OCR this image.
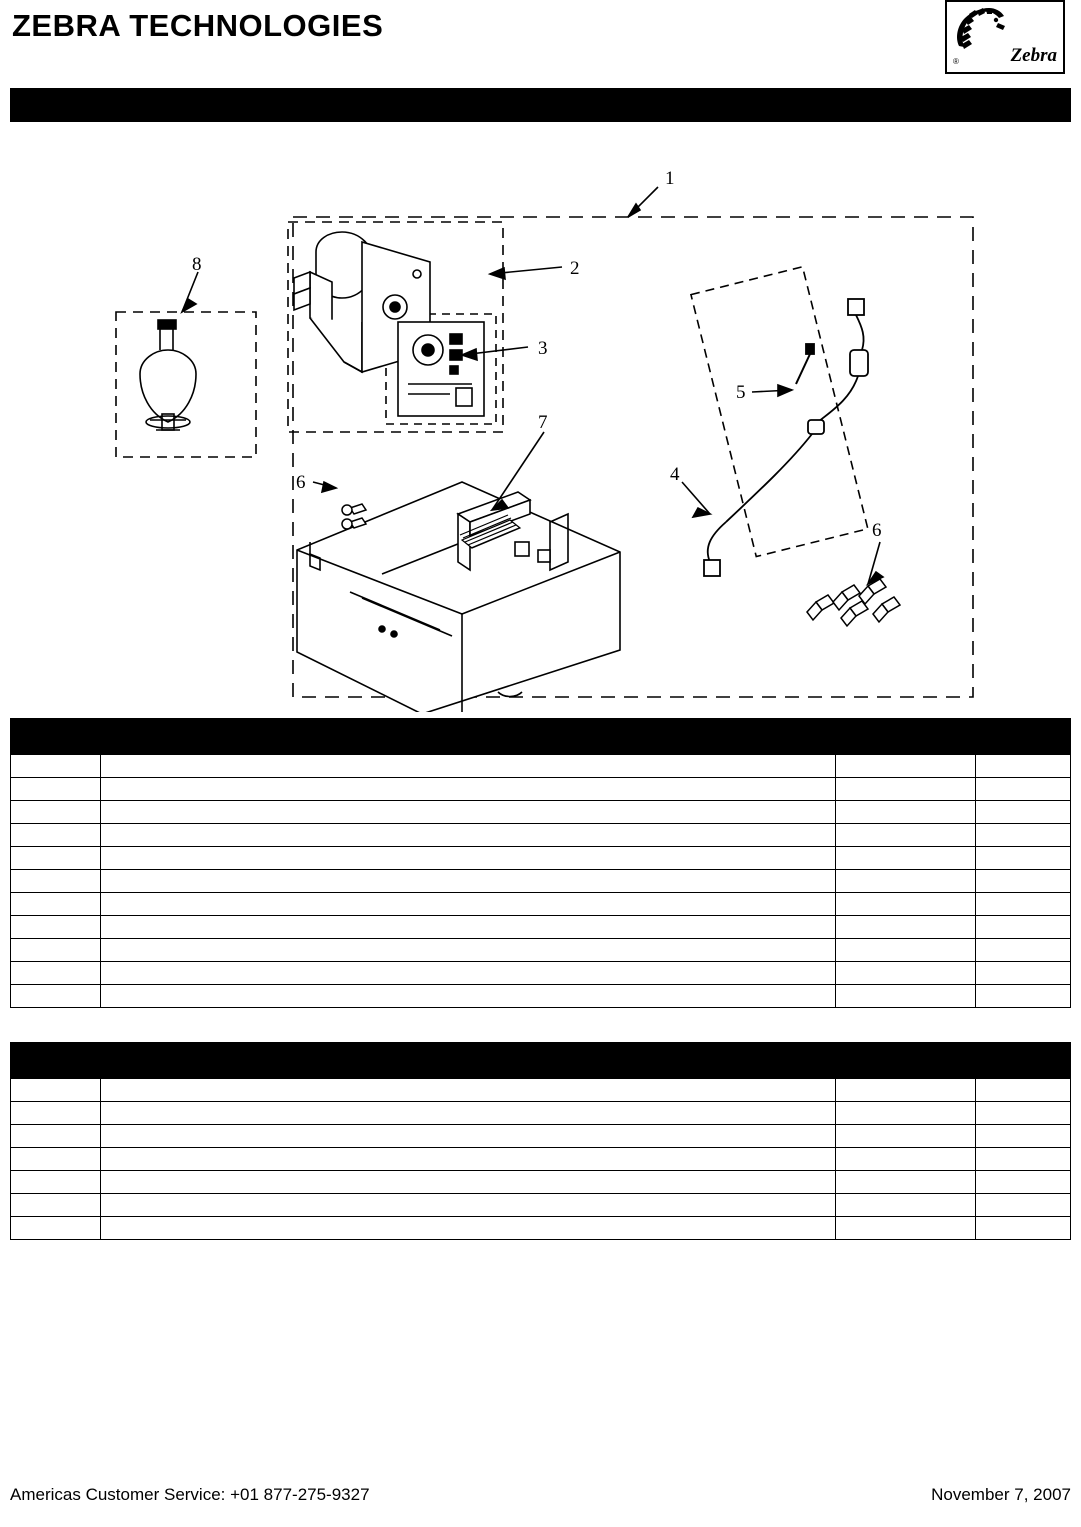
ZEBRA TECHNOLOGIES
®	Zebra
1
2
3
4
5
6
6
7
8

Americas Customer Service: +01 877-275-9327	November 7, 2007
